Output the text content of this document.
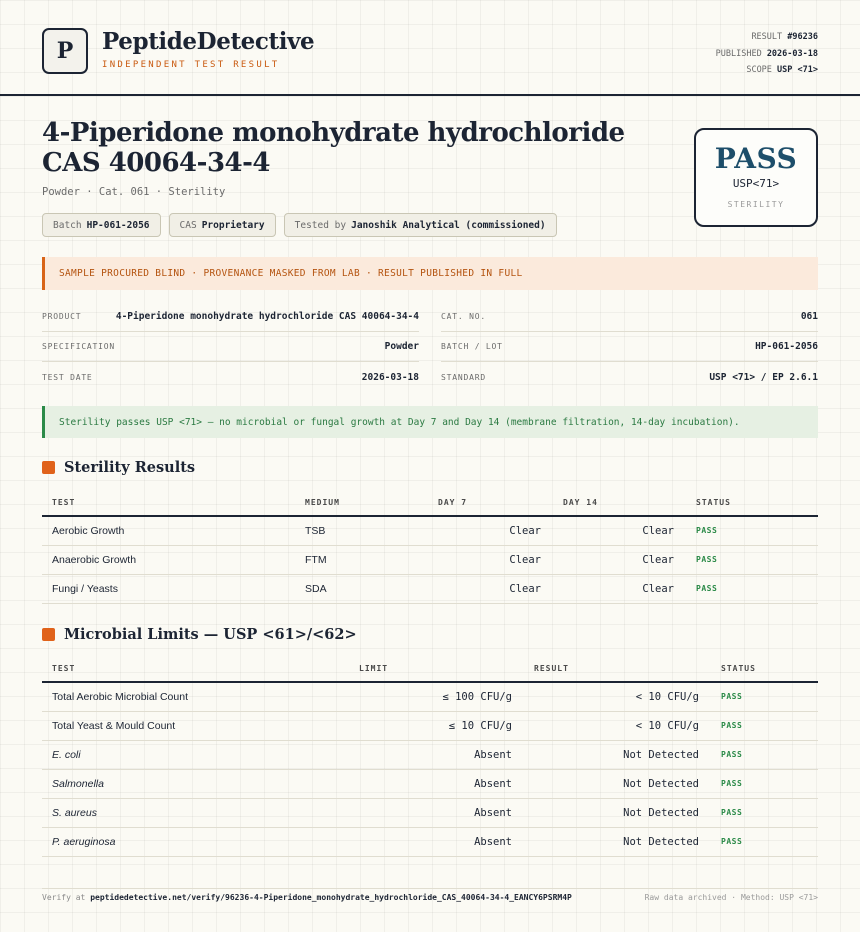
P	PeptideDetective
INDEPENDENT TEST RESULT
RESULT #96236
PUBLISHED 2026-03-18
SCOPE USP <71>
4-Piperidone monohydrate hydrochloride CAS 40064-34-4
Powder · Cat. 061 · Sterility
Batch HP-061-2056	CAS Proprietary	Tested by Janoshik Analytical (commissioned)
PASS
USP<71>
STERILITY
SAMPLE PROCURED BLIND · PROVENANCE MASKED FROM LAB · RESULT PUBLISHED IN FULL
PRODUCT	4-Piperidone monohydrate hydrochloride CAS 40064-34-4
SPECIFICATION	Powder
TEST DATE	2026-03-18
CAT. NO.	061
BATCH / LOT	HP-061-2056
STANDARD	USP <71> / EP 2.6.1
Sterility passes USP <71> — no microbial or fungal growth at Day 7 and Day 14 (membrane filtration, 14-day incubation).
Sterility Results
TEST	MEDIUM	DAY 7	DAY 14	STATUS
Aerobic Growth	TSB	Clear	Clear	PASS
Anaerobic Growth	FTM	Clear	Clear	PASS
Fungi / Yeasts	SDA	Clear	Clear	PASS
Microbial Limits — USP <61>/<62>
TEST	LIMIT	RESULT	STATUS
Total Aerobic Microbial Count	≤ 100 CFU/g	< 10 CFU/g	PASS
Total Yeast & Mould Count	≤ 10 CFU/g	< 10 CFU/g	PASS
E. coli	Absent	Not Detected	PASS
Salmonella	Absent	Not Detected	PASS
S. aureus	Absent	Not Detected	PASS
P. aeruginosa	Absent	Not Detected	PASS
Verify at peptidedetective.net/verify/96236-4-Piperidone_monohydrate_hydrochloride_CAS_40064-34-4_EANCY6PSRM4P	Raw data archived · Method: USP <71>
